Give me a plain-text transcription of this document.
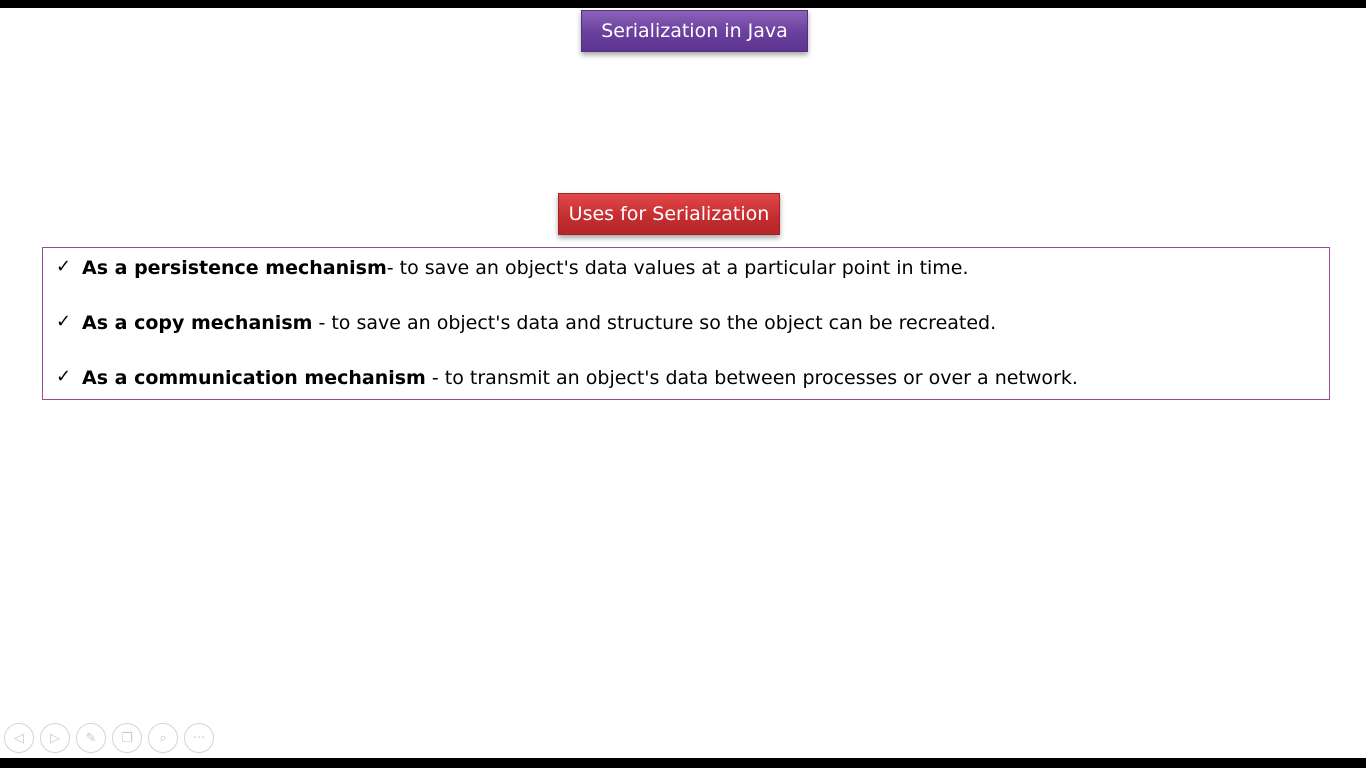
Serialization in Java
Uses for Serialization
✓ As a persistence mechanism - to save an object's data values at a particular point in time.
✓ As a copy mechanism - to save an object's data and structure so the object can be recreated.
✓ As a communication mechanism - to transmit an object's data between processes or over a network.
◁ ▷ ✎ ❐ ⌕ ···
